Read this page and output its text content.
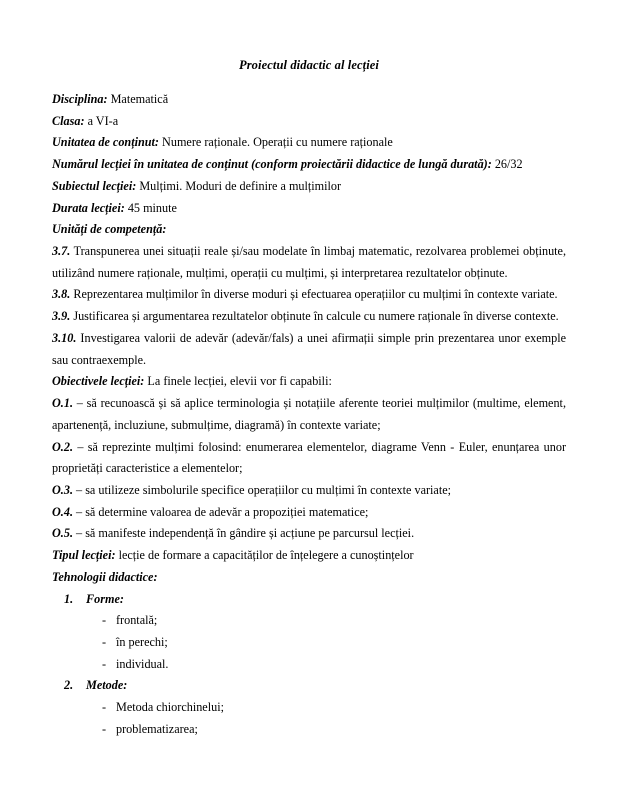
Proiectul didactic al lecției

Disciplina: Matematică

Clasa: a VI-a

Unitatea de conținut: Numere raționale. Operații cu numere raționale

Numărul lecției în unitatea de conținut (conform proiectării didactice de lungă durată): 26/32

Subiectul lecției: Mulțimi. Moduri de definire a mulțimilor

Durata lecției: 45 minute

Unități de competență:

3.7. Transpunerea unei situații reale și/sau modelate în limbaj matematic, rezolvarea problemei obținute, utilizând numere raționale, mulțimi, operații cu mulțimi, și interpretarea rezultatelor obținute.

3.8. Reprezentarea mulțimilor în diverse moduri și efectuarea operațiilor cu mulțimi în contexte variate.

3.9. Justificarea și argumentarea rezultatelor obținute în calcule cu numere raționale în diverse contexte.

3.10. Investigarea valorii de adevăr (adevăr/fals) a unei afirmații simple prin prezentarea unor exemple sau contraexemple.

Obiectivele lecției: La finele lecției, elevii vor fi capabili:

O.1. – să recunoască și să aplice terminologia și notațiile aferente teoriei mulțimilor (multime, element, apartenență, incluziune, submulțime, diagramă) în contexte variate;

O.2. – să reprezinte mulțimi folosind: enumerarea elementelor, diagrame Venn - Euler, enunțarea unor proprietăți caracteristice a elementelor;

O.3. – sa utilizeze simbolurile specifice operațiilor cu mulțimi în contexte variate;

O.4. – să determine valoarea de adevăr a propoziției matematice;

O.5. – să manifeste independență în gândire și acțiune pe parcursul lecției.

Tipul lecției: lecție de formare a capacităților de înțelegere a cunoștințelor

Tehnologii didactice:

1. Forme:
- frontală;
- în perechi;
- individual.
2. Metode:
- Metoda chiorchinelui;
- problematizarea;
